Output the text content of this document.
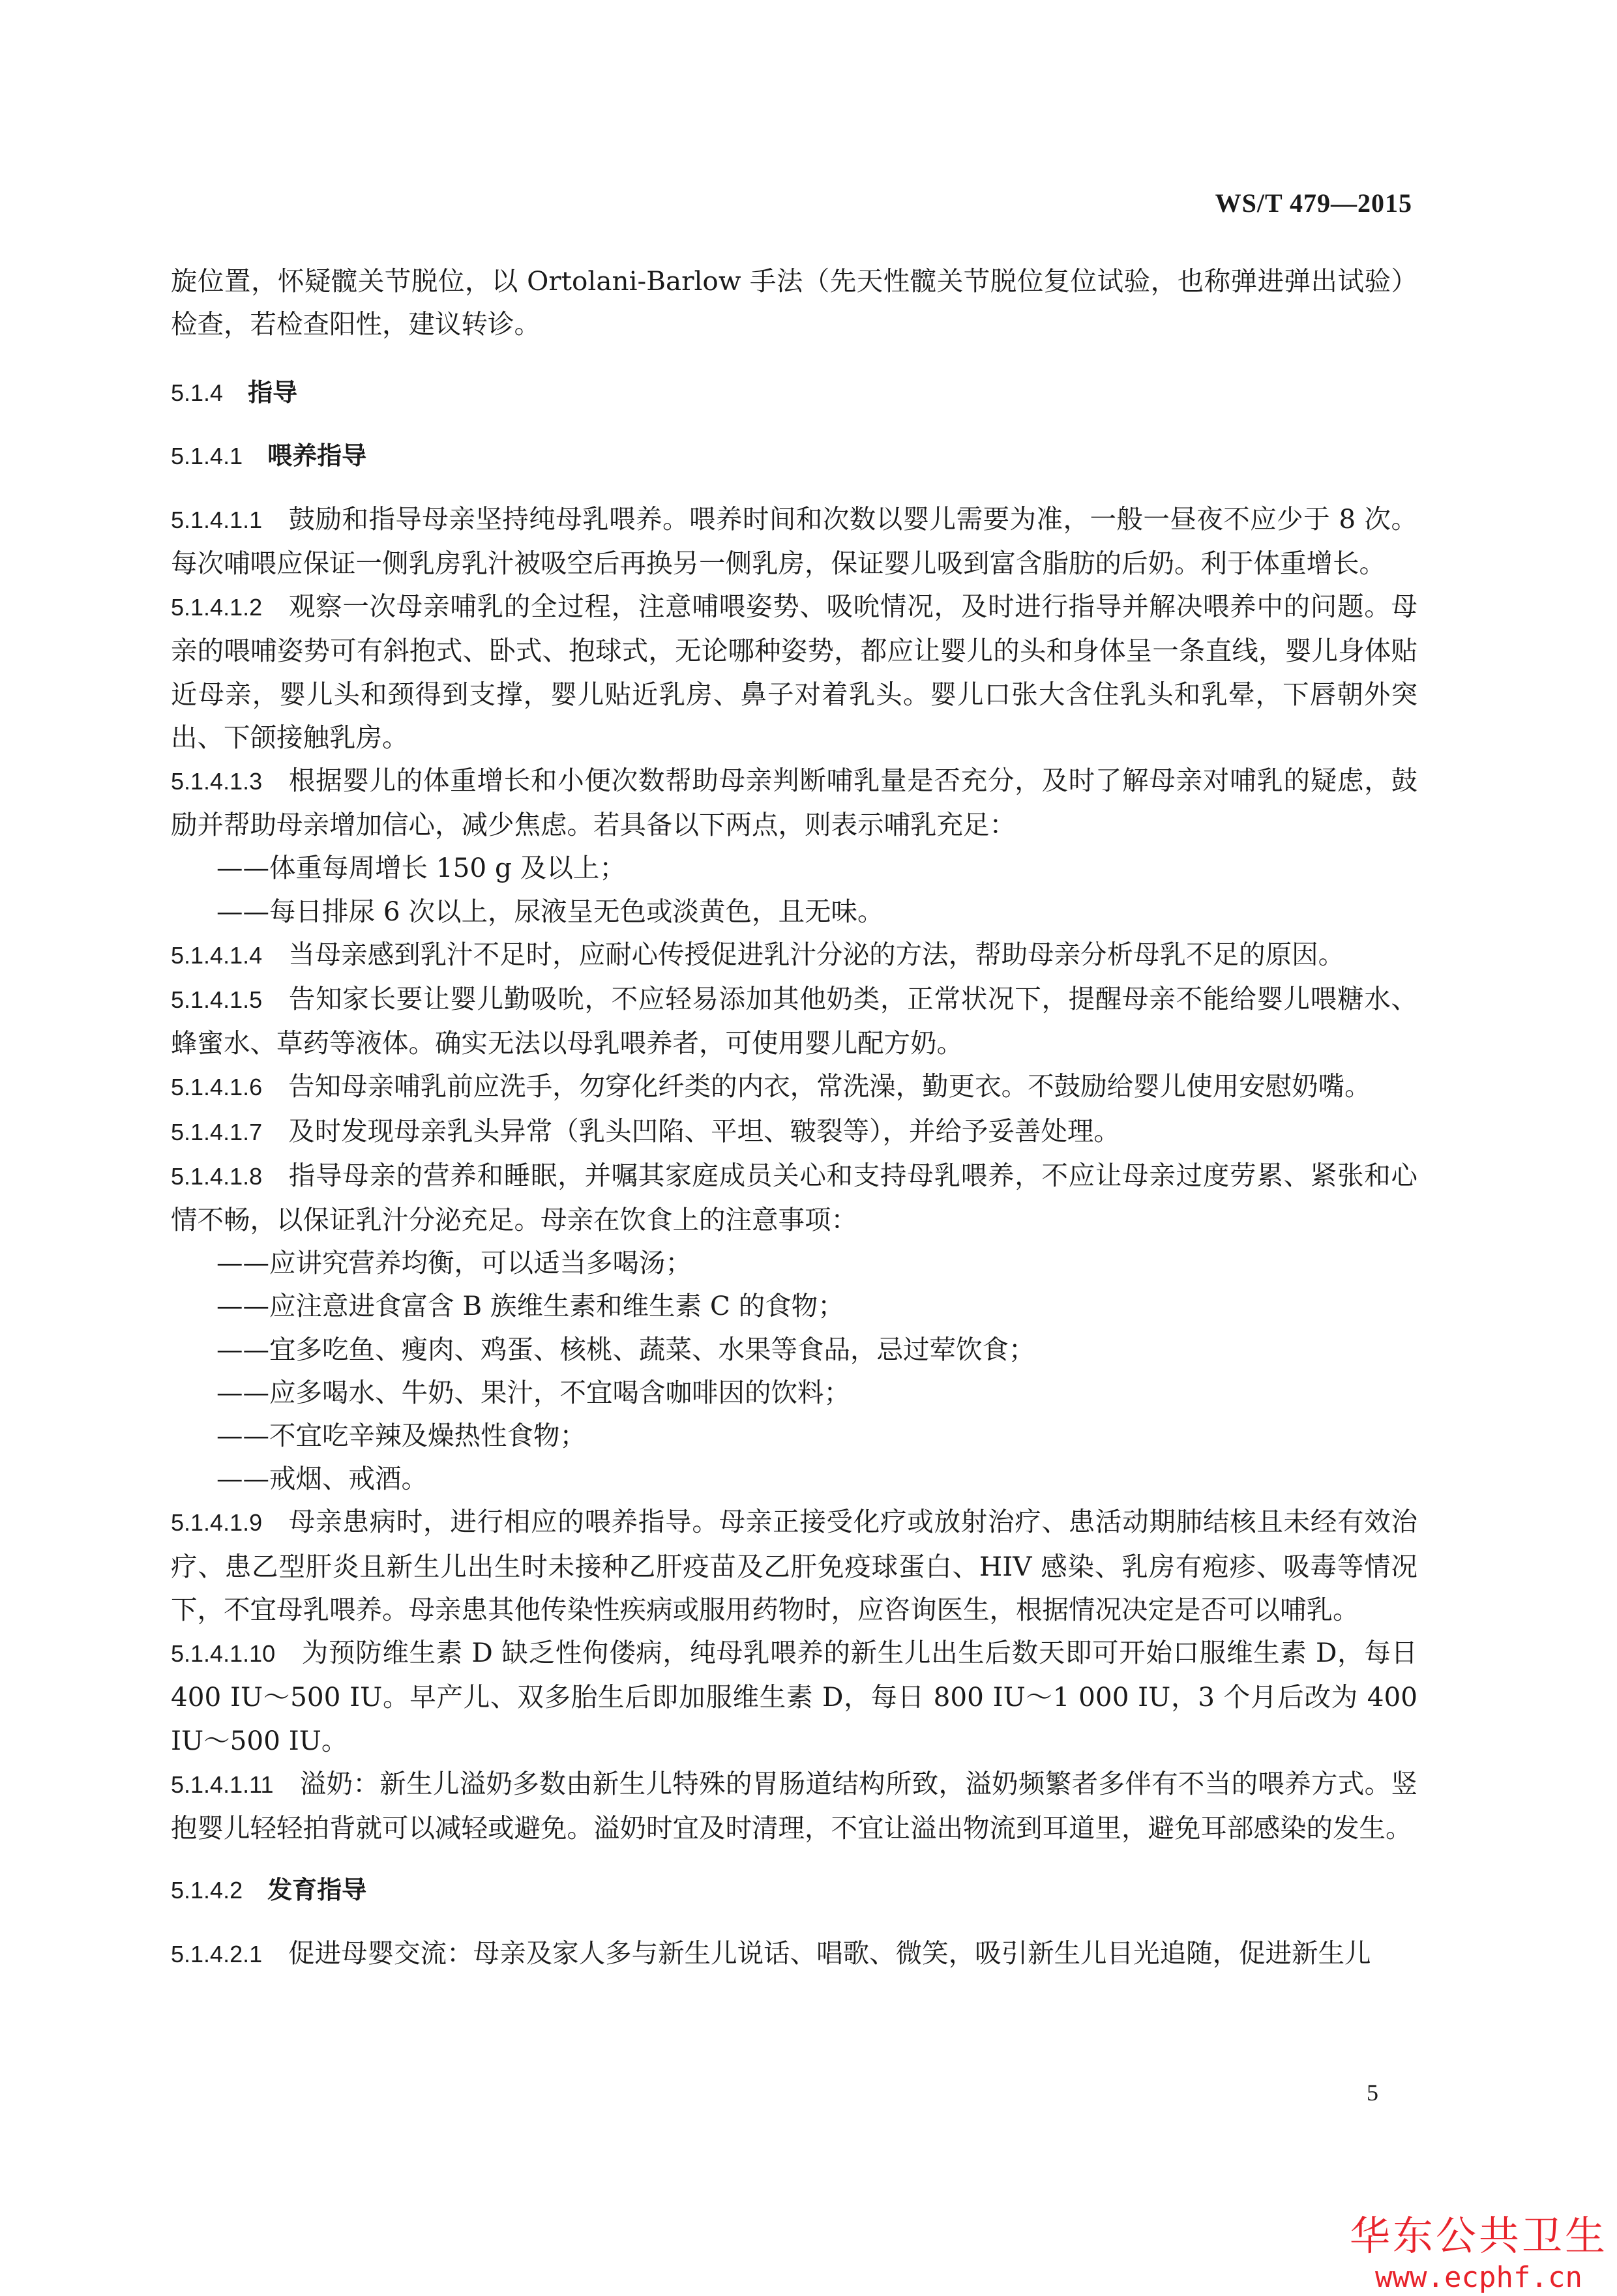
WS/T 479—2015

旋位置，怀疑髋关节脱位，以 Ortolani-Barlow 手法（先天性髋关节脱位复位试验，也称弹进弹出试验）检查，若检查阳性，建议转诊。

5.1.4 指导
5.1.4.1 喂养指导

5.1.4.1.1 鼓励和指导母亲坚持纯母乳喂养。喂养时间和次数以婴儿需要为准，一般一昼夜不应少于 8 次。每次哺喂应保证一侧乳房乳汁被吸空后再换另一侧乳房，保证婴儿吸到富含脂肪的后奶。利于体重增长。

5.1.4.1.2 观察一次母亲哺乳的全过程，注意哺喂姿势、吸吮情况，及时进行指导并解决喂养中的问题。母亲的喂哺姿势可有斜抱式、卧式、抱球式，无论哪种姿势，都应让婴儿的头和身体呈一条直线，婴儿身体贴近母亲，婴儿头和颈得到支撑，婴儿贴近乳房、鼻子对着乳头。婴儿口张大含住乳头和乳晕，下唇朝外突出、下颌接触乳房。

5.1.4.1.3 根据婴儿的体重增长和小便次数帮助母亲判断哺乳量是否充分，及时了解母亲对哺乳的疑虑，鼓励并帮助母亲增加信心，减少焦虑。若具备以下两点，则表示哺乳充足：

——体重每周增长 150 g 及以上；

——每日排尿 6 次以上，尿液呈无色或淡黄色，且无味。

5.1.4.1.4 当母亲感到乳汁不足时，应耐心传授促进乳汁分泌的方法，帮助母亲分析母乳不足的原因。

5.1.4.1.5 告知家长要让婴儿勤吸吮，不应轻易添加其他奶类，正常状况下，提醒母亲不能给婴儿喂糖水、蜂蜜水、草药等液体。确实无法以母乳喂养者，可使用婴儿配方奶。

5.1.4.1.6 告知母亲哺乳前应洗手，勿穿化纤类的内衣，常洗澡，勤更衣。不鼓励给婴儿使用安慰奶嘴。

5.1.4.1.7 及时发现母亲乳头异常（乳头凹陷、平坦、皲裂等），并给予妥善处理。

5.1.4.1.8 指导母亲的营养和睡眠，并嘱其家庭成员关心和支持母乳喂养，不应让母亲过度劳累、紧张和心情不畅，以保证乳汁分泌充足。母亲在饮食上的注意事项：

——应讲究营养均衡，可以适当多喝汤；

——应注意进食富含 B 族维生素和维生素 C 的食物；

——宜多吃鱼、瘦肉、鸡蛋、核桃、蔬菜、水果等食品，忌过荤饮食；

——应多喝水、牛奶、果汁，不宜喝含咖啡因的饮料；

——不宜吃辛辣及燥热性食物；

——戒烟、戒酒。

5.1.4.1.9 母亲患病时，进行相应的喂养指导。母亲正接受化疗或放射治疗、患活动期肺结核且未经有效治疗、患乙型肝炎且新生儿出生时未接种乙肝疫苗及乙肝免疫球蛋白、HIV 感染、乳房有疱疹、吸毒等情况下，不宜母乳喂养。母亲患其他传染性疾病或服用药物时，应咨询医生，根据情况决定是否可以哺乳。

5.1.4.1.10 为预防维生素 D 缺乏性佝偻病，纯母乳喂养的新生儿出生后数天即可开始口服维生素 D，每日 400 IU～500 IU。早产儿、双多胎生后即加服维生素 D，每日 800 IU～1 000 IU，3 个月后改为 400 IU～500 IU。

5.1.4.1.11 溢奶：新生儿溢奶多数由新生儿特殊的胃肠道结构所致，溢奶频繁者多伴有不当的喂养方式。竖抱婴儿轻轻拍背就可以减轻或避免。溢奶时宜及时清理，不宜让溢出物流到耳道里，避免耳部感染的发生。

5.1.4.2 发育指导

5.1.4.2.1 促进母婴交流：母亲及家人多与新生儿说话、唱歌、微笑，吸引新生儿目光追随，促进新生儿

5
华东公共卫生
www.ecphf.cn
